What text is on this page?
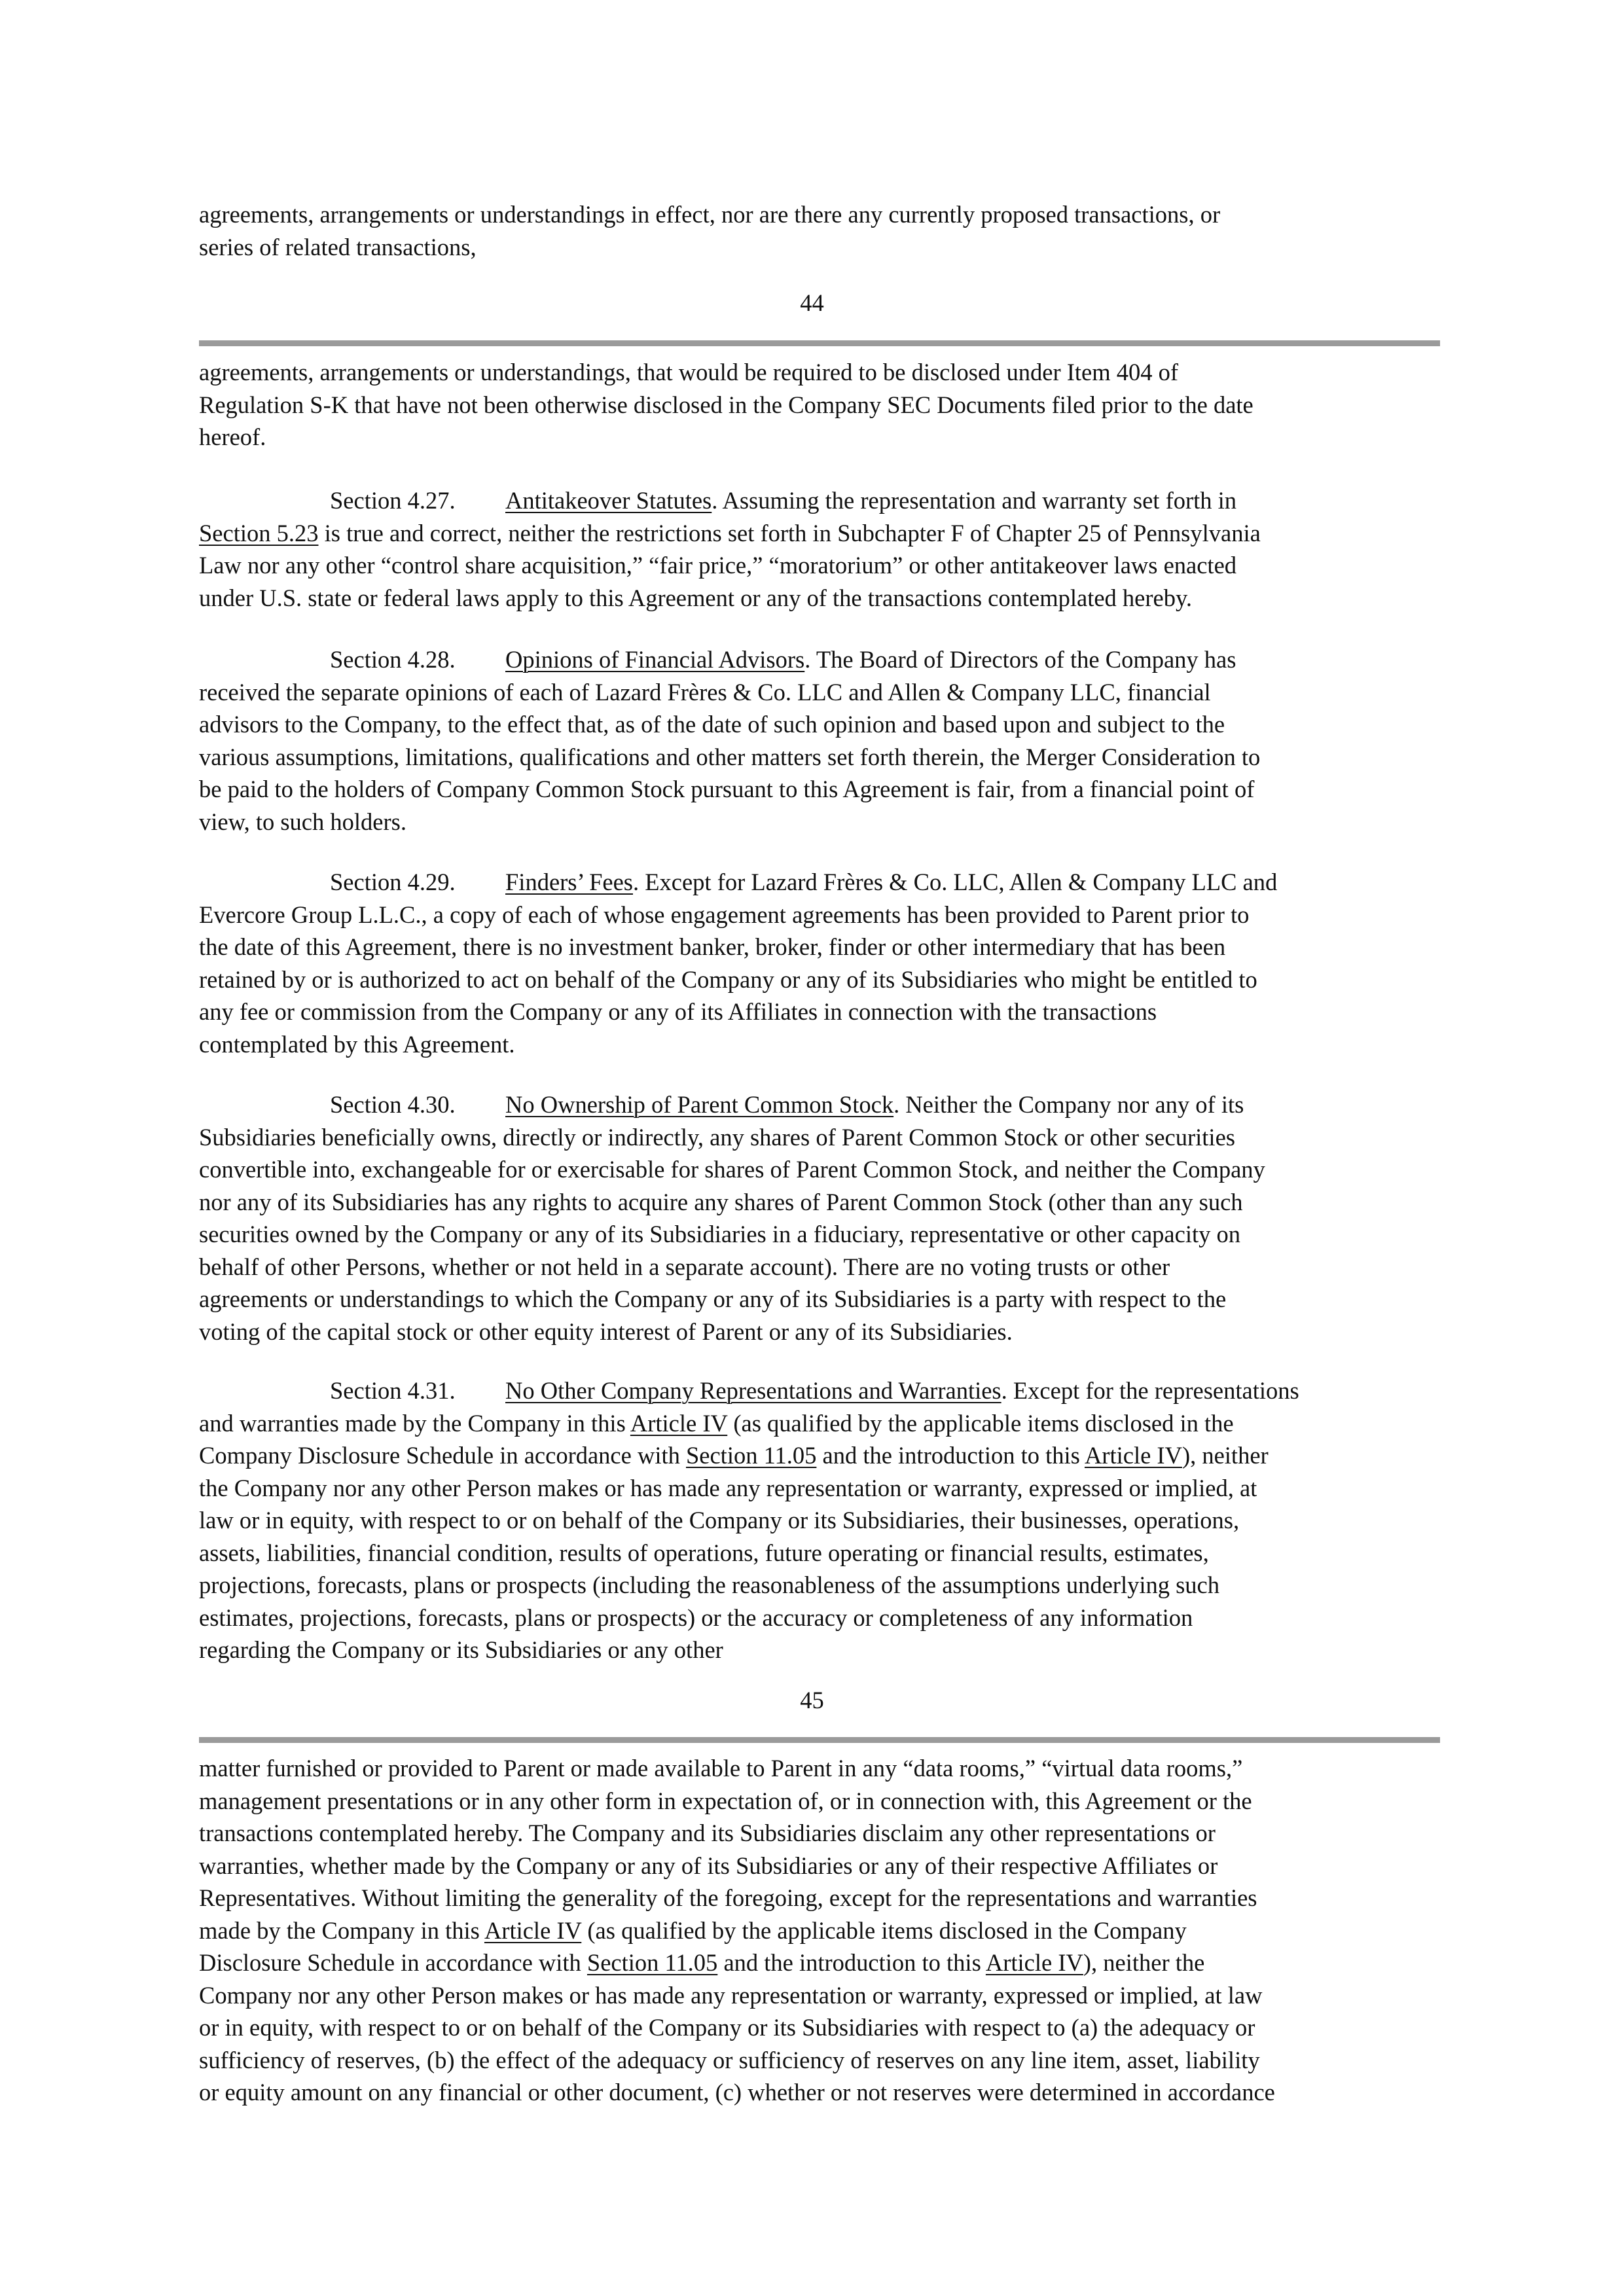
agreements, arrangements or understandings in effect, nor are there any currently proposed transactions, or

series of related transactions,

44

agreements, arrangements or understandings, that would be required to be disclosed under Item 404 of

Regulation S-K that have not been otherwise disclosed in the Company SEC Documents filed prior to the date

hereof.

Section 4.27. Antitakeover Statutes. Assuming the representation and warranty set forth in

Section 5.23 is true and correct, neither the restrictions set forth in Subchapter F of Chapter 25 of Pennsylvania

Law nor any other “control share acquisition,” “fair price,” “moratorium” or other antitakeover laws enacted

under U.S. state or federal laws apply to this Agreement or any of the transactions contemplated hereby.

Section 4.28. Opinions of Financial Advisors. The Board of Directors of the Company has

received the separate opinions of each of Lazard Frères & Co. LLC and Allen & Company LLC, financial

advisors to the Company, to the effect that, as of the date of such opinion and based upon and subject to the

various assumptions, limitations, qualifications and other matters set forth therein, the Merger Consideration to

be paid to the holders of Company Common Stock pursuant to this Agreement is fair, from a financial point of

view, to such holders.

Section 4.29. Finders’ Fees. Except for Lazard Frères & Co. LLC, Allen & Company LLC and

Evercore Group L.L.C., a copy of each of whose engagement agreements has been provided to Parent prior to

the date of this Agreement, there is no investment banker, broker, finder or other intermediary that has been

retained by or is authorized to act on behalf of the Company or any of its Subsidiaries who might be entitled to

any fee or commission from the Company or any of its Affiliates in connection with the transactions

contemplated by this Agreement.

Section 4.30. No Ownership of Parent Common Stock. Neither the Company nor any of its

Subsidiaries beneficially owns, directly or indirectly, any shares of Parent Common Stock or other securities

convertible into, exchangeable for or exercisable for shares of Parent Common Stock, and neither the Company

nor any of its Subsidiaries has any rights to acquire any shares of Parent Common Stock (other than any such

securities owned by the Company or any of its Subsidiaries in a fiduciary, representative or other capacity on

behalf of other Persons, whether or not held in a separate account). There are no voting trusts or other

agreements or understandings to which the Company or any of its Subsidiaries is a party with respect to the

voting of the capital stock or other equity interest of Parent or any of its Subsidiaries.

Section 4.31. No Other Company Representations and Warranties. Except for the representations

and warranties made by the Company in this Article IV (as qualified by the applicable items disclosed in the

Company Disclosure Schedule in accordance with Section 11.05 and the introduction to this Article IV), neither

the Company nor any other Person makes or has made any representation or warranty, expressed or implied, at

law or in equity, with respect to or on behalf of the Company or its Subsidiaries, their businesses, operations,

assets, liabilities, financial condition, results of operations, future operating or financial results, estimates,

projections, forecasts, plans or prospects (including the reasonableness of the assumptions underlying such

estimates, projections, forecasts, plans or prospects) or the accuracy or completeness of any information

regarding the Company or its Subsidiaries or any other

45

matter furnished or provided to Parent or made available to Parent in any “data rooms,” “virtual data rooms,”

management presentations or in any other form in expectation of, or in connection with, this Agreement or the

transactions contemplated hereby. The Company and its Subsidiaries disclaim any other representations or

warranties, whether made by the Company or any of its Subsidiaries or any of their respective Affiliates or

Representatives. Without limiting the generality of the foregoing, except for the representations and warranties

made by the Company in this Article IV (as qualified by the applicable items disclosed in the Company

Disclosure Schedule in accordance with Section 11.05 and the introduction to this Article IV), neither the

Company nor any other Person makes or has made any representation or warranty, expressed or implied, at law

or in equity, with respect to or on behalf of the Company or its Subsidiaries with respect to (a) the adequacy or

sufficiency of reserves, (b) the effect of the adequacy or sufficiency of reserves on any line item, asset, liability

or equity amount on any financial or other document, (c) whether or not reserves were determined in accordance
